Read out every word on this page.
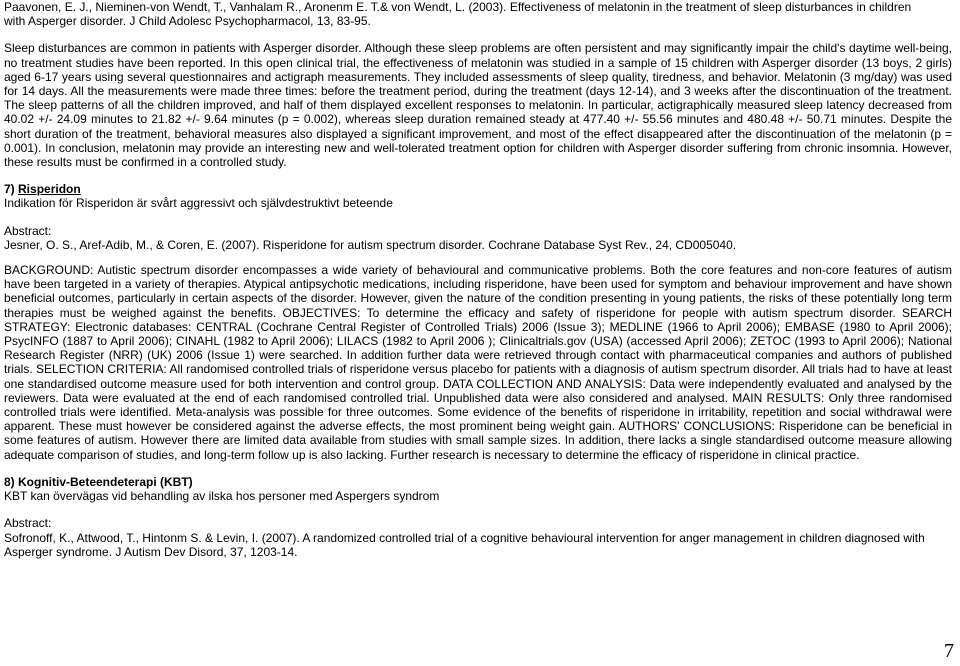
Paavonen, E. J., Nieminen-von Wendt, T., Vanhalam R., Aronenm E. T.& von Wendt, L. (2003). Effectiveness of melatonin in the treatment of sleep disturbances in children

with Asperger disorder. J Child Adolesc Psychopharmacol, 13, 83-95.

Sleep disturbances are common in patients with Asperger disorder. Although these sleep problems are often persistent and may significantly impair the child's daytime well-being, no treatment studies have been reported. In this open clinical trial, the effectiveness of melatonin was studied in a sample of 15 children with Asperger disorder (13 boys, 2 girls) aged 6-17 years using several questionnaires and actigraph measurements. They included assessments of sleep quality, tiredness, and behavior. Melatonin (3 mg/day) was used for 14 days. All the measurements were made three times: before the treatment period, during the treatment (days 12-14), and 3 weeks after the discontinuation of the treatment. The sleep patterns of all the children improved, and half of them displayed excellent responses to melatonin. In particular, actigraphically measured sleep latency decreased from 40.02 +/- 24.09 minutes to 21.82 +/- 9.64 minutes (p = 0.002), whereas sleep duration remained steady at 477.40 +/- 55.56 minutes and 480.48 +/- 50.71 minutes. Despite the short duration of the treatment, behavioral measures also displayed a significant improvement, and most of the effect disappeared after the discontinuation of the melatonin (p = 0.001). In conclusion, melatonin may provide an interesting new and well-tolerated treatment option for children with Asperger disorder suffering from chronic insomnia. However, these results must be confirmed in a controlled study.

7) Risperidon

Indikation för Risperidon är svårt aggressivt och självdestruktivt beteende

Abstract:

Jesner, O. S., Aref-Adib, M., & Coren, E. (2007). Risperidone for autism spectrum disorder. Cochrane Database Syst Rev., 24, CD005040.

BACKGROUND: Autistic spectrum disorder encompasses a wide variety of behavioural and communicative problems. Both the core features and non-core features of autism have been targeted in a variety of therapies. Atypical antipsychotic medications, including risperidone, have been used for symptom and behaviour improvement and have shown beneficial outcomes, particularly in certain aspects of the disorder. However, given the nature of the condition presenting in young patients, the risks of these potentially long term therapies must be weighed against the benefits. OBJECTIVES: To determine the efficacy and safety of risperidone for people with autism spectrum disorder. SEARCH STRATEGY: Electronic databases: CENTRAL (Cochrane Central Register of Controlled Trials) 2006 (Issue 3); MEDLINE (1966 to April 2006); EMBASE (1980 to April 2006); PsycINFO (1887 to April 2006); CINAHL (1982 to April 2006); LILACS (1982 to April 2006 ); Clinicaltrials.gov (USA) (accessed April 2006); ZETOC (1993 to April 2006); National Research Register (NRR) (UK) 2006 (Issue 1) were searched. In addition further data were retrieved through contact with pharmaceutical companies and authors of published trials. SELECTION CRITERIA: All randomised controlled trials of risperidone versus placebo for patients with a diagnosis of autism spectrum disorder. All trials had to have at least one standardised outcome measure used for both intervention and control group. DATA COLLECTION AND ANALYSIS: Data were independently evaluated and analysed by the reviewers. Data were evaluated at the end of each randomised controlled trial. Unpublished data were also considered and analysed. MAIN RESULTS: Only three randomised controlled trials were identified. Meta-analysis was possible for three outcomes. Some evidence of the benefits of risperidone in irritability, repetition and social withdrawal were apparent. These must however be considered against the adverse effects, the most prominent being weight gain. AUTHORS' CONCLUSIONS: Risperidone can be beneficial in some features of autism. However there are limited data available from studies with small sample sizes. In addition, there lacks a single standardised outcome measure allowing adequate comparison of studies, and long-term follow up is also lacking. Further research is necessary to determine the efficacy of risperidone in clinical practice.

8) Kognitiv-Beteendeterapi (KBT)

KBT kan övervägas vid behandling av ilska hos personer med Aspergers syndrom

Abstract:

Sofronoff, K., Attwood, T., Hintonm S. & Levin, I. (2007). A randomized controlled trial of a cognitive behavioural intervention for anger management in children diagnosed with Asperger syndrome. J Autism Dev Disord, 37, 1203-14.

7
